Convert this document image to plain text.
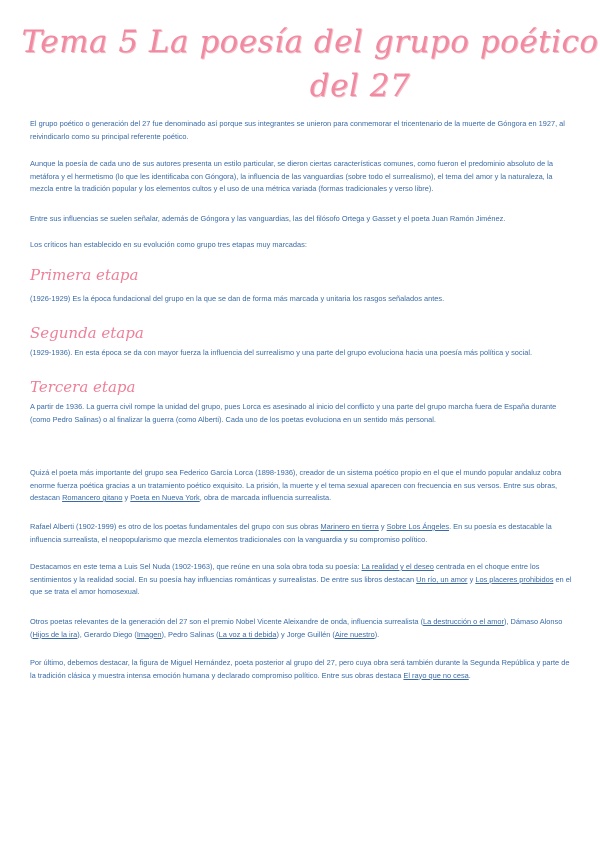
Tema 5 La poesía del grupo poético
del 27

El grupo poético o generación del 27 fue denominado así porque sus integrantes se unieron para conmemorar el tricentenario de la muerte de Góngora en 1927, al reivindicarlo como su principal referente poético.

Aunque la poesía de cada uno de sus autores presenta un estilo particular, se dieron ciertas características comunes, como fueron el predominio absoluto de la metáfora y el hermetismo (lo que les identificaba con Góngora), la influencia de las vanguardias (sobre todo el surrealismo), el tema del amor y la naturaleza, la mezcla entre la tradición popular y los elementos cultos y el uso de una métrica variada (formas tradicionales y verso libre).

Entre sus influencias se suelen señalar, además de Góngora y las vanguardias, las del filósofo Ortega y Gasset y el poeta Juan Ramón Jiménez.

Los críticos han establecido en su evolución como grupo tres etapas muy marcadas:

Primera etapa

(1926-1929) Es la época fundacional del grupo en la que se dan de forma más marcada y unitaria los rasgos señalados antes.

Segunda etapa

(1929-1936). En esta época se da con mayor fuerza la influencia del surrealismo y una parte del grupo evoluciona hacia una poesía más política y social.

Tercera etapa

A partir de 1936. La guerra civil rompe la unidad del grupo, pues Lorca es asesinado al inicio del conflicto y una parte del grupo marcha fuera de España durante (como Pedro Salinas) o al finalizar la guerra (como Alberti). Cada uno de los poetas evoluciona en un sentido más personal.

Quizá el poeta más importante del grupo sea Federico García Lorca (1898-1936), creador de un sistema poético propio en el que el mundo popular andaluz cobra enorme fuerza poética gracias a un tratamiento poético exquisito. La prisión, la muerte y el tema sexual aparecen con frecuencia en sus versos. Entre sus obras, destacan Romancero gitano y Poeta en Nueva York, obra de marcada influencia surrealista.

Rafael Alberti (1902-1999) es otro de los poetas fundamentales del grupo con sus obras Marinero en tierra y Sobre Los Ángeles. En su poesía es destacable la influencia surrealista, el neopopularismo que mezcla elementos tradicionales con la vanguardia y su compromiso político.

Destacamos en este tema a Luis Sel Nuda (1902-1963), que reúne en una sola obra toda su poesía: La realidad y el deseo centrada en el choque entre los sentimientos y la realidad social. En su poesía hay influencias románticas y surrealistas. De entre sus libros destacan Un río, un amor y Los placeres prohibidos en el que se trata el amor homosexual.

Otros poetas relevantes de la generación del 27 son el premio Nobel Vicente Aleixandre de onda, influencia surrealista (La destrucción o el amor), Dámaso Alonso (Hijos de la ira), Gerardo Diego (Imagen), Pedro Salinas (La voz a ti debida) y Jorge Guillén (Aire nuestro).

Por último, debemos destacar, la figura de Miguel Hernández, poeta posterior al grupo del 27, pero cuya obra será también durante la Segunda República y parte de la tradición clásica y muestra intensa emoción humana y declarado compromiso político. Entre sus obras destaca El rayo que no cesa.
